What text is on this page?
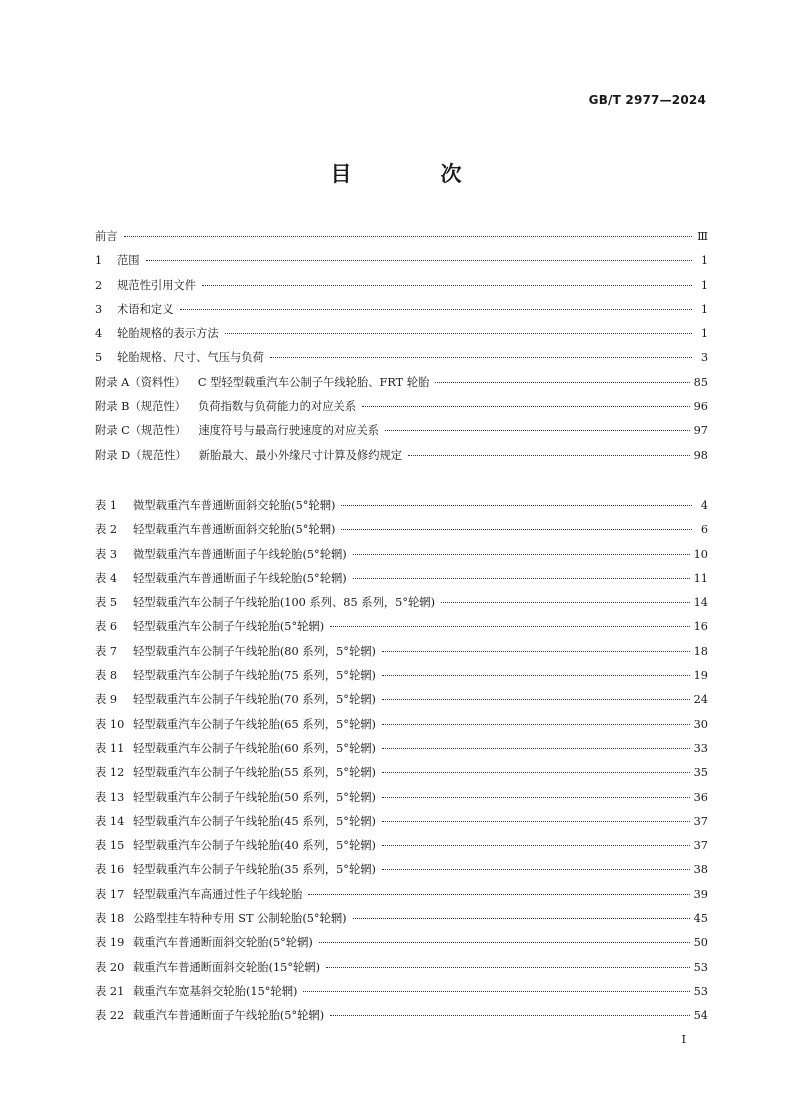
GB/T 2977—2024
目　次
前言	Ⅲ
1	范围	1
2	规范性引用文件	1
3	术语和定义	1
4	轮胎规格的表示方法	1
5	轮胎规格、尺寸、气压与负荷	3
附录 A（资料性） C 型轻型载重汽车公制子午线轮胎、FRT 轮胎	85
附录 B（规范性） 负荷指数与负荷能力的对应关系	96
附录 C（规范性） 速度符号与最高行驶速度的对应关系	97
附录 D（规范性） 新胎最大、最小外缘尺寸计算及修约规定	98
表 1	微型载重汽车普通断面斜交轮胎(5°轮辋)	4
表 2	轻型载重汽车普通断面斜交轮胎(5°轮辋)	6
表 3	微型载重汽车普通断面子午线轮胎(5°轮辋)	10
表 4	轻型载重汽车普通断面子午线轮胎(5°轮辋)	11
表 5	轻型载重汽车公制子午线轮胎(100 系列、85 系列，5°轮辋)	14
表 6	轻型载重汽车公制子午线轮胎(5°轮辋)	16
表 7	轻型载重汽车公制子午线轮胎(80 系列，5°轮辋)	18
表 8	轻型载重汽车公制子午线轮胎(75 系列，5°轮辋)	19
表 9	轻型载重汽车公制子午线轮胎(70 系列，5°轮辋)	24
表 10 轻型载重汽车公制子午线轮胎(65 系列，5°轮辋)	30
表 11 轻型载重汽车公制子午线轮胎(60 系列，5°轮辋)	33
表 12 轻型载重汽车公制子午线轮胎(55 系列，5°轮辋)	35
表 13 轻型载重汽车公制子午线轮胎(50 系列，5°轮辋)	36
表 14 轻型载重汽车公制子午线轮胎(45 系列，5°轮辋)	37
表 15 轻型载重汽车公制子午线轮胎(40 系列，5°轮辋)	37
表 16 轻型载重汽车公制子午线轮胎(35 系列，5°轮辋)	38
表 17 轻型载重汽车高通过性子午线轮胎	39
表 18 公路型挂车特种专用 ST 公制轮胎(5°轮辋)	45
表 19 载重汽车普通断面斜交轮胎(5°轮辋)	50
表 20 载重汽车普通断面斜交轮胎(15°轮辋)	53
表 21 载重汽车宽基斜交轮胎(15°轮辋)	53
表 22 载重汽车普通断面子午线轮胎(5°轮辋)	54
I
